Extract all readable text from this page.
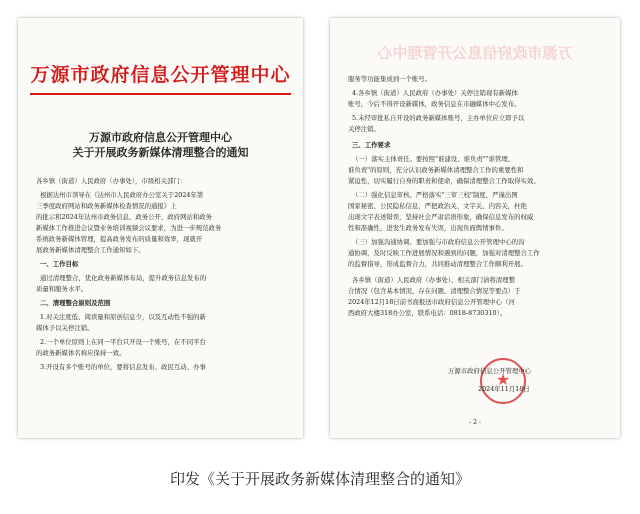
万源市政府信息公开管理中心
万源市政府信息公开管理中心
关于开展政务新媒体清理整合的通知
各乡镇（街道）人民政府（办事处），市级相关部门：
根据达州市领导在《达州市人民政府办公室关于2024年第
三季度政府网站和政务新媒体检查情况的通报》上
的批示和2024年达州市政务信息、政务公开、政府网站和政务
新媒体工作推进会议暨业务培训视频会议要求，为进一步规范政务
系统政务新媒体管理，提高政务发布的质量和效率，现就开
展政务新媒体清理整合工作通知如下。
一、工作目标
通过清理整合，优化政务新媒体布局，提升政务信息发布的
质量和服务水平。
二、清理整合原则及范围
1.对关注度低、阅读量和原创信息少，以及互动性不强的新
媒体予以关停注销。
2.一个单位原则上在同一平台只开设一个账号，在不同平台
的政务新媒体名称应保持一致。
3.开设有多个账号的单位，要将信息发布、政民互动、办事
万源市政府信息公开管理中心
服务等功能集成到一个账号。
4.各乡镇（街道）人民政府（办事处）关停注销现有新媒体
账号，今后不得开设新媒体，政务信息在市融媒体中心发布。
5.未经审批私自开设的政务新媒体账号，主办单位应立即予以
关停注销。
三、工作要求
（一）落实主体责任。要按照"谁建设、谁负责""谁管理、
谁负责"的原则，充分认识政务新媒体清理整合工作的重要性和
紧迫性，切实履行自身的职责和使命，确保清理整合工作取得实效。
（二）强化信息审核。严格落实"三审三校"制度，严谨出图
国家秘密、公民隐私信息，严把政治关、文字关、内容关，杜绝
出现文字表述错误，坚持社会严肃话语形象，确保信息发布的权威
性和准确性，进发生政务发布失误，出现负面舆情事件。
（三）加强沟通协调。要加强与市政府信息公开管理中心的沟
通协调，及时反映工作进展情况和遇到的问题，加强对清理整合工作
的监督指导，形成监督合力，共同推动清理整合工作顺利开展。
各乡镇（街道）人民政府（办事处）、相关部门请将清理整
合情况（包含基本情况、存在问题、清理整合情况等要点）于
2024年12月18日前书面报送市政府信息公开管理中心（河
西政府大楼318办公室，联系电话：0818-8730310）。
★
万源市政府信息公开管理中心
2024年11月18日
- 2 -
印发《关于开展政务新媒体清理整合的通知》
